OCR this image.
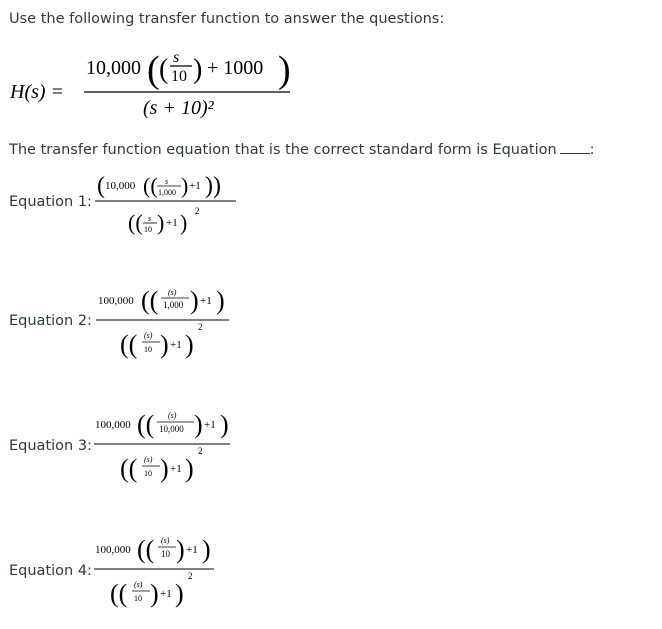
Use the following transfer function to answer the questions:
H(s) =
10,000 ( ( s
10 ) + 1000 )
(s + 10)²
The transfer function equation that is the correct standard form is Equation :
Equation 1:
( 10,000 (( s
1,000 ) +1 ))
(( s
10 ) +1 ) 2
Equation 2:
100,000 (( (s)
1,000 ) +1 )
(( (s)
10 ) +1 )
2
Equation 3:
100,000 (( (s)
10,000 ) +1 )
(( (s)
10 ) +1 )
2
Equation 4:
100,000 (( (s)
10 ) +1 )
(( (s)
10 ) +1 )
2
